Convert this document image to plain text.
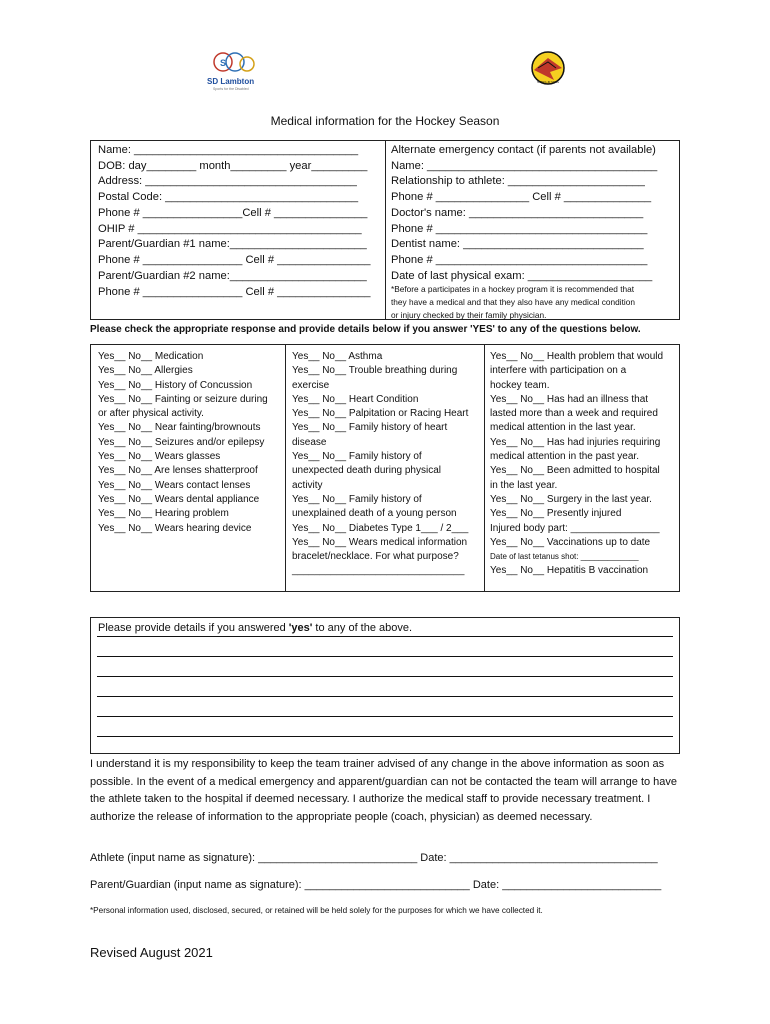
S
SD Lambton
Sports for the Disabled
SARNIA JR STING
Medical information for the Hockey Season
Name: ____________________________________
DOB: day________ month_________ year_________
Address: __________________________________
Postal Code: _______________________________
Phone # ________________Cell # _______________
OHIP # ____________________________________
Parent/Guardian #1 name:______________________
Phone # ________________ Cell # _______________
Parent/Guardian #2 name:______________________
Phone # ________________ Cell # _______________
Alternate emergency contact (if parents not available)
Name: _____________________________________
Relationship to athlete: ______________________
Phone # _______________ Cell # ______________
Doctor's name: ____________________________
Phone # __________________________________
Dentist name: _____________________________
Phone # __________________________________
Date of last physical exam: ____________________
*Before a participates in a hockey program it is recommended that
they have a medical and that they also have any medical condition
or injury checked by their family physician.
Please check the appropriate response and provide details below if you answer 'YES' to any of the questions below.
Yes__ No__ Medication
Yes__ No__ Allergies
Yes__ No__ History of Concussion
Yes__ No__ Fainting or seizure during
or after physical activity.
Yes__ No__ Near fainting/brownouts
Yes__ No__ Seizures and/or epilepsy
Yes__ No__ Wears glasses
Yes__ No__ Are lenses shatterproof
Yes__ No__ Wears contact lenses
Yes__ No__ Wears dental appliance
Yes__ No__ Hearing problem
Yes__ No__ Wears hearing device
Yes__ No__ Asthma
Yes__ No__ Trouble breathing during
exercise
Yes__ No__ Heart Condition
Yes__ No__ Palpitation or Racing Heart
Yes__ No__ Family history of heart
disease
Yes__ No__ Family history of
unexpected death during physical
activity
Yes__ No__ Family history of
unexplained death of a young person
Yes__ No__ Diabetes Type 1___ / 2___
Yes__ No__ Wears medical information
bracelet/necklace. For what purpose?
_______________________________
Yes__ No__ Health problem that would
interfere with participation on a
hockey team.
Yes__ No__ Has had an illness that
lasted more than a week and required
medical attention in the last year.
Yes__ No__ Has had injuries requiring
medical attention in the past year.
Yes__ No__ Been admitted to hospital
in the last year.
Yes__ No__ Surgery in the last year.
Yes__ No__ Presently injured
Injured body part: ________________
Yes__ No__ Vaccinations up to date
Date of last tetanus shot: _____________
Yes__ No__ Hepatitis B vaccination
Please provide details if you answered 'yes' to any of the above.
I understand it is my responsibility to keep the team trainer advised of any change in the above information as soon as possible. In the event of a medical emergency and apparent/guardian can not be contacted the team will arrange to have the athlete taken to the hospital if deemed necessary. I authorize the medical staff to provide necessary treatment. I authorize the release of information to the appropriate people (coach, physician) as deemed necessary.
Athlete (input name as signature): __________________________ Date: __________________________________
Parent/Guardian (input name as signature): ___________________________ Date: __________________________
*Personal information used, disclosed, secured, or retained will be held solely for the purposes for which we have collected it.
Revised August 2021
